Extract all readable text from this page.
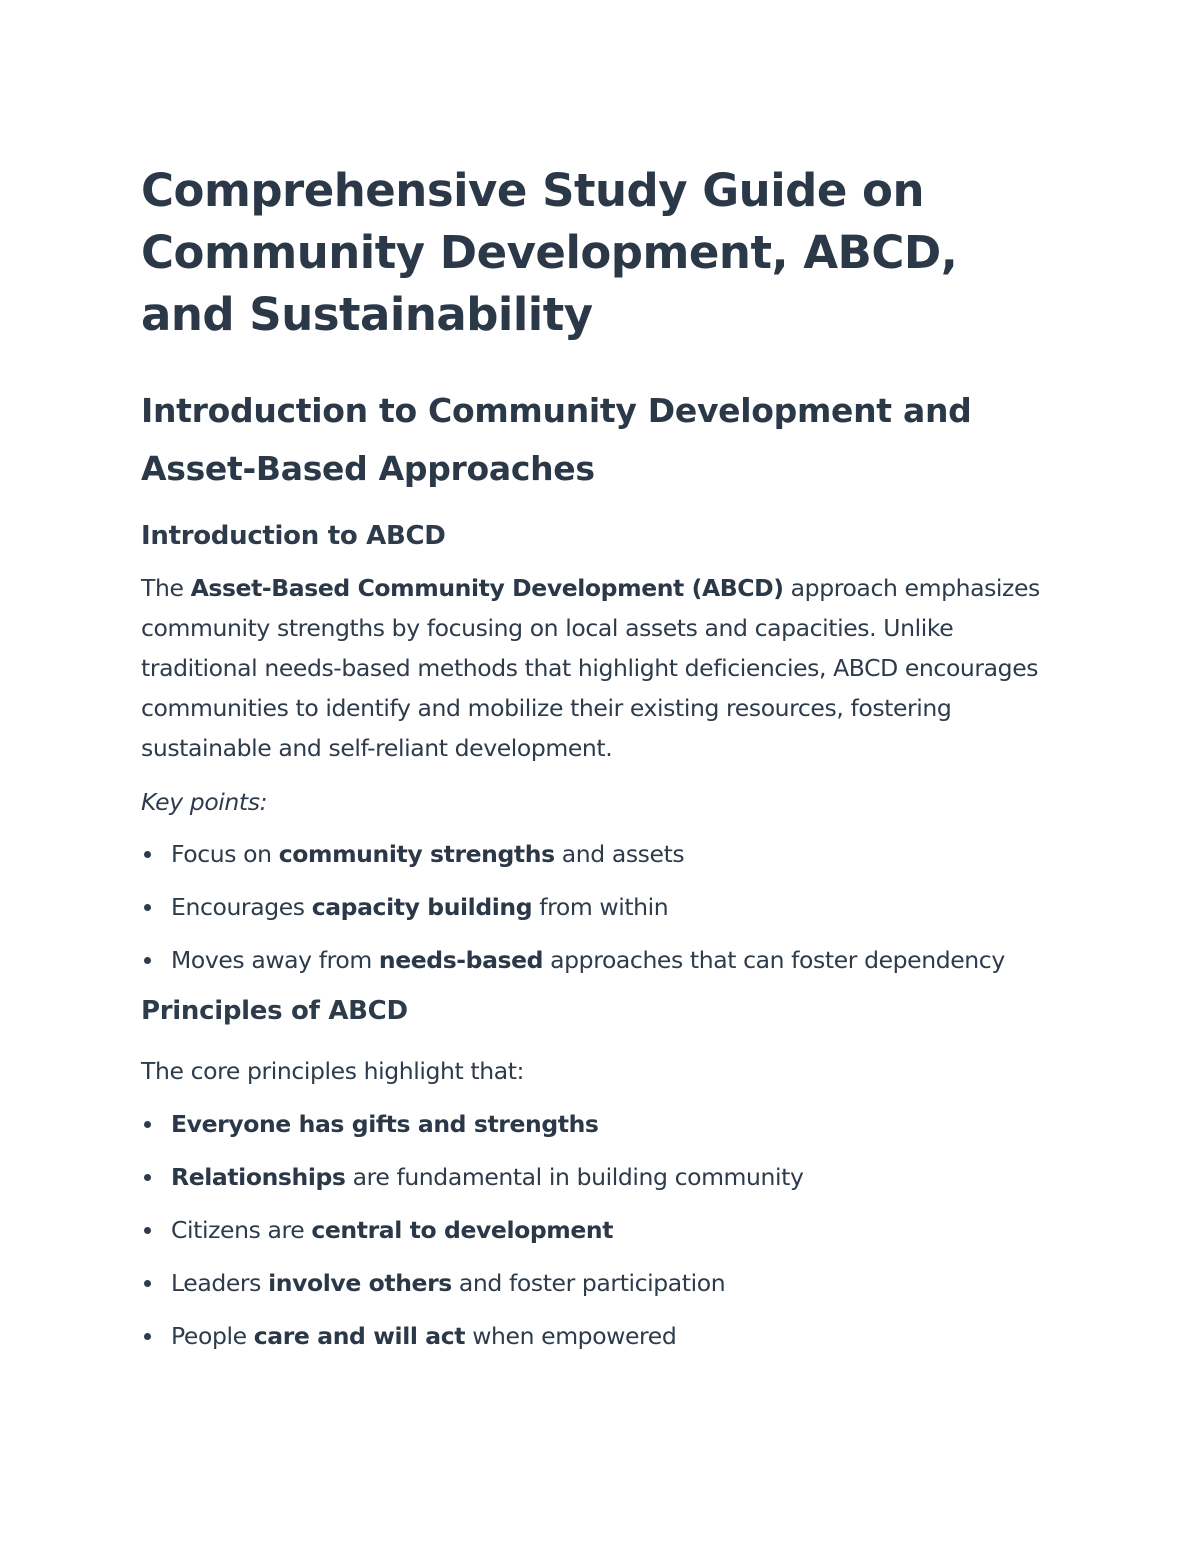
Comprehensive Study Guide on Community Development, ABCD, and Sustainability
Introduction to Community Development and Asset-Based Approaches
Introduction to ABCD

The Asset-Based Community Development (ABCD) approach emphasizes community strengths by focusing on local assets and capacities. Unlike traditional needs-based methods that highlight deficiencies, ABCD encourages communities to identify and mobilize their existing resources, fostering sustainable and self-reliant development.

Key points:

Focus on community strengths and assets
Encourages capacity building from within
Moves away from needs-based approaches that can foster dependency
Principles of ABCD

The core principles highlight that:

Everyone has gifts and strengths
Relationships are fundamental in building community
Citizens are central to development
Leaders involve others and foster participation
People care and will act when empowered
